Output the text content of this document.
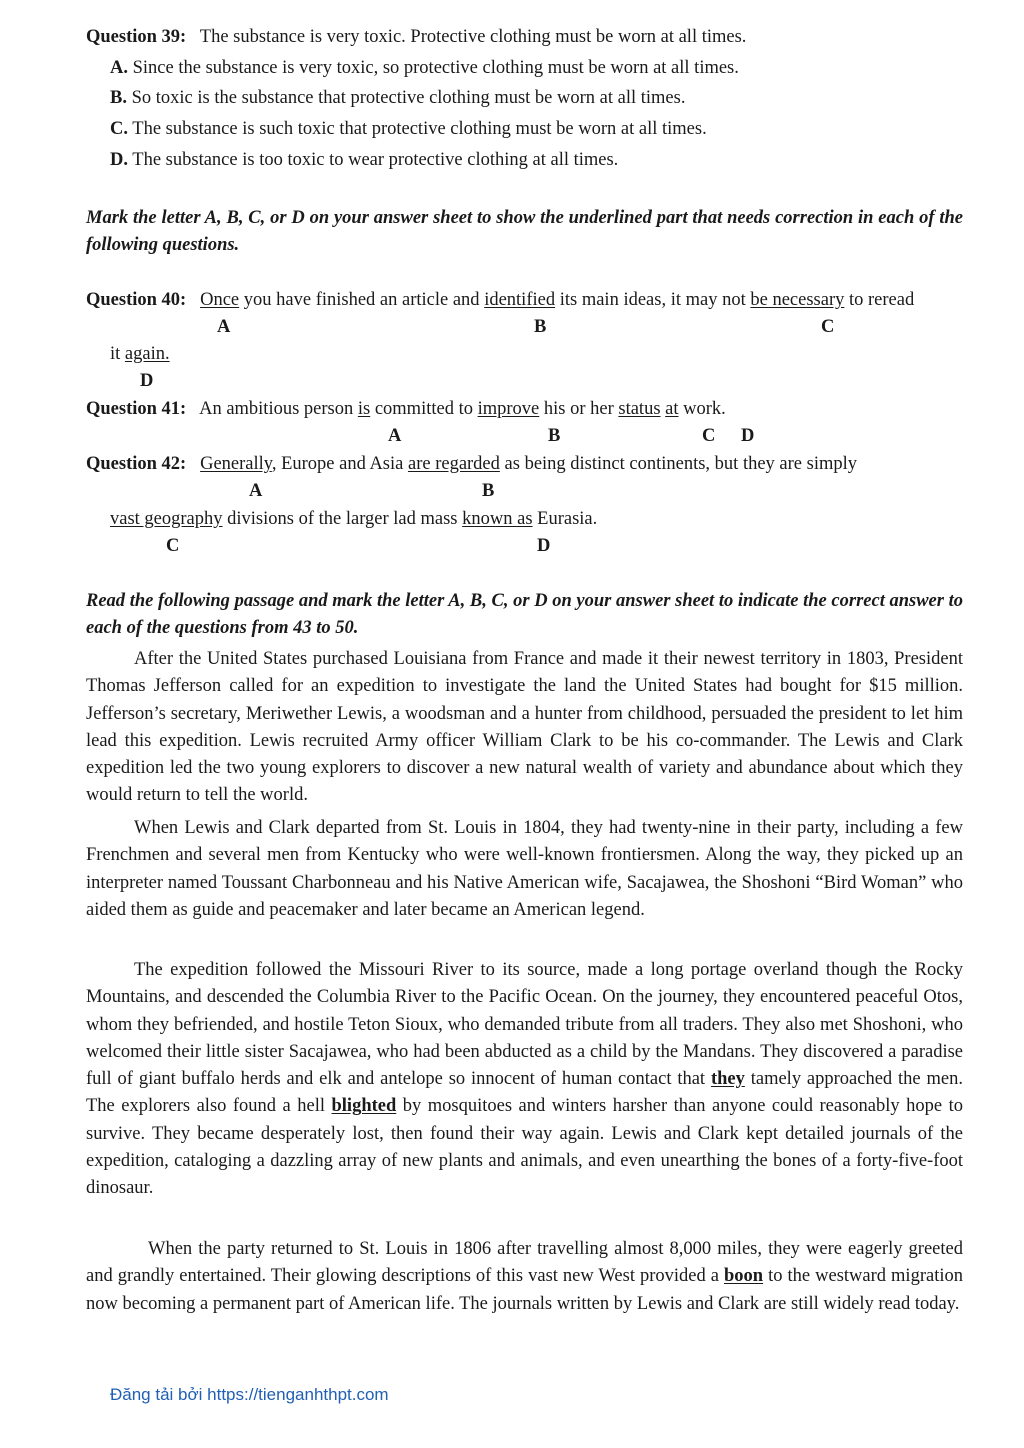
Question 39: The substance is very toxic. Protective clothing must be worn at all times.
A. Since the substance is very toxic, so protective clothing must be worn at all times.
B. So toxic is the substance that protective clothing must be worn at all times.
C. The substance is such toxic that protective clothing must be worn at all times.
D. The substance is too toxic to wear protective clothing at all times.
Mark the letter A, B, C, or D on your answer sheet to show the underlined part that needs correction in each of the following questions.
Question 40: Once you have finished an article and identified its main ideas, it may not be necessary to reread
A	B	C
it again.
D
Question 41: An ambitious person is committed to improve his or her status at work.
A	B	C D
Question 42: Generally, Europe and Asia are regarded as being distinct continents, but they are simply
A	B
vast geography divisions of the larger lad mass known as Eurasia.
C	D
Read the following passage and mark the letter A, B, C, or D on your answer sheet to indicate the correct answer to each of the questions from 43 to 50.
After the United States purchased Louisiana from France and made it their newest territory in 1803, President Thomas Jefferson called for an expedition to investigate the land the United States had bought for $15 million. Jefferson’s secretary, Meriwether Lewis, a woodsman and a hunter from childhood, persuaded the president to let him lead this expedition. Lewis recruited Army officer William Clark to be his co-commander. The Lewis and Clark expedition led the two young explorers to discover a new natural wealth of variety and abundance about which they would return to tell the world.
When Lewis and Clark departed from St. Louis in 1804, they had twenty-nine in their party, including a few Frenchmen and several men from Kentucky who were well-known frontiersmen. Along the way, they picked up an interpreter named Toussant Charbonneau and his Native American wife, Sacajawea, the Shoshoni “Bird Woman” who aided them as guide and peacemaker and later became an American legend.
The expedition followed the Missouri River to its source, made a long portage overland though the Rocky Mountains, and descended the Columbia River to the Pacific Ocean. On the journey, they encountered peaceful Otos, whom they befriended, and hostile Teton Sioux, who demanded tribute from all traders. They also met Shoshoni, who welcomed their little sister Sacajawea, who had been abducted as a child by the Mandans. They discovered a paradise full of giant buffalo herds and elk and antelope so innocent of human contact that they tamely approached the men. The explorers also found a hell blighted by mosquitoes and winters harsher than anyone could reasonably hope to survive. They became desperately lost, then found their way again. Lewis and Clark kept detailed journals of the expedition, cataloging a dazzling array of new plants and animals, and even unearthing the bones of a forty-five-foot dinosaur.
When the party returned to St. Louis in 1806 after travelling almost 8,000 miles, they were eagerly greeted and grandly entertained. Their glowing descriptions of this vast new West provided a boon to the westward migration now becoming a permanent part of American life. The journals written by Lewis and Clark are still widely read today.
Đăng tải bởi https://tienganhthpt.com
